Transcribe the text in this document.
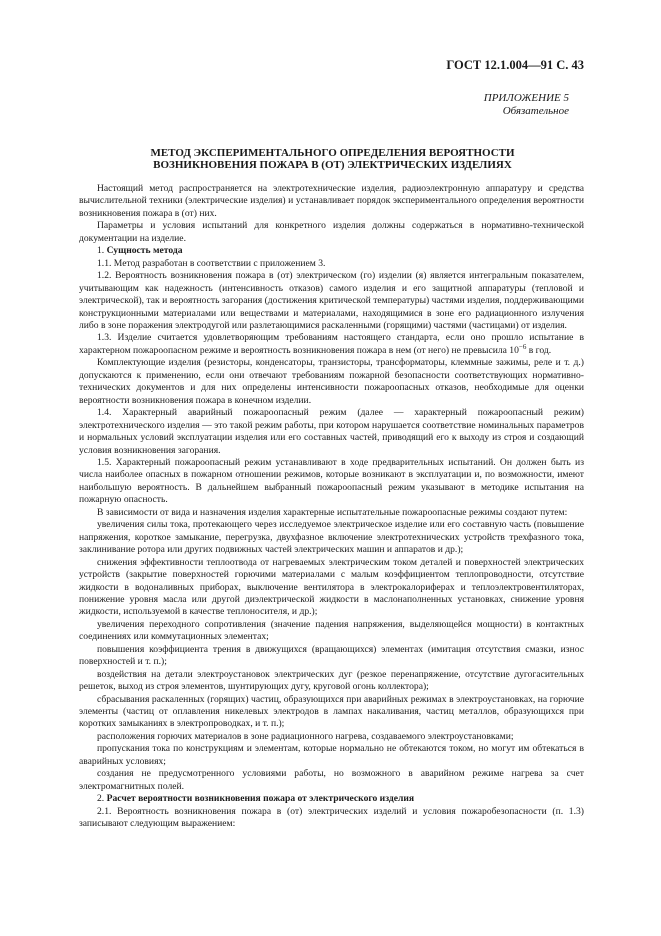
ГОСТ 12.1.004—91 С. 43
ПРИЛОЖЕНИЕ 5
Обязательное
МЕТОД ЭКСПЕРИМЕНТАЛЬНОГО ОПРЕДЕЛЕНИЯ ВЕРОЯТНОСТИ
ВОЗНИКНОВЕНИЯ ПОЖАРА В (ОТ) ЭЛЕКТРИЧЕСКИХ ИЗДЕЛИЯХ

Настоящий метод распространяется на электротехнические изделия, радиоэлектронную аппаратуру и средства вычислительной техники (электрические изделия) и устанавливает порядок экспериментального определения вероятности возникновения пожара в (от) них.

Параметры и условия испытаний для конкретного изделия должны содержаться в нормативно-технической документации на изделие.

1. Сущность метода

1.1. Метод разработан в соответствии с приложением 3.

1.2. Вероятность возникновения пожара в (от) электрическом (го) изделии (я) является интегральным показателем, учитывающим как надежность (интенсивность отказов) самого изделия и его защитной аппаратуры (тепловой и электрической), так и вероятность загорания (достижения критической температуры) частями изделия, поддерживающими конструкционными материалами или веществами и материалами, находящимися в зоне его радиационного излучения либо в зоне поражения электродугой или разлетающимися раскаленными (горящими) частями (частицами) от изделия.

1.3. Изделие считается удовлетворяющим требованиям настоящего стандарта, если оно прошло испытание в характерном пожароопасном режиме и вероятность возникновения пожара в нем (от него) не превысила $10^{-6}$ в год.

Комплектующие изделия (резисторы, конденсаторы, транзисторы, трансформаторы, клеммные зажимы, реле и т. д.) допускаются к применению, если они отвечают требованиям пожарной безопасности соответствующих нормативно-технических документов и для них определены интенсивности пожароопасных отказов, необходимые для оценки вероятности возникновения пожара в конечном изделии.

1.4. Характерный аварийный пожароопасный режим (далее — характерный пожароопасный режим) электротехнического изделия — это такой режим работы, при котором нарушается соответствие номинальных параметров и нормальных условий эксплуатации изделия или его составных частей, приводящий его к выходу из строя и создающий условия возникновения загорания.

1.5. Характерный пожароопасный режим устанавливают в ходе предварительных испытаний. Он должен быть из числа наиболее опасных в пожарном отношении режимов, которые возникают в эксплуатации и, по возможности, имеют наибольшую вероятность. В дальнейшем выбранный пожароопасный режим указывают в методике испытания на пожарную опасность.

В зависимости от вида и назначения изделия характерные испытательные пожароопасные режимы создают путем:

увеличения силы тока, протекающего через исследуемое электрическое изделие или его составную часть (повышение напряжения, короткое замыкание, перегрузка, двухфазное включение электротехнических устройств трехфазного тока, заклинивание ротора или других подвижных частей электрических машин и аппаратов и др.);

снижения эффективности теплоотвода от нагреваемых электрическим током деталей и поверхностей электрических устройств (закрытие поверхностей горючими материалами с малым коэффициентом теплопроводности, отсутствие жидкости в водоналивных приборах, выключение вентилятора в электрокалориферах и теплоэлектровентиляторах, понижение уровня масла или другой диэлектрической жидкости в маслонаполненных установках, снижение уровня жидкости, используемой в качестве теплоносителя, и др.);

увеличения переходного сопротивления (значение падения напряжения, выделяющейся мощности) в контактных соединениях или коммутационных элементах;

повышения коэффициента трения в движущихся (вращающихся) элементах (имитация отсутствия смазки, износ поверхностей и т. п.);

воздействия на детали электроустановок электрических дуг (резкое перенапряжение, отсутствие дугогасительных решеток, выход из строя элементов, шунтирующих дугу, круговой огонь коллектора);

сбрасывания раскаленных (горящих) частиц, образующихся при аварийных режимах в электроустановках, на горючие элементы (частиц от оплавления никелевых электродов в лампах накаливания, частиц металлов, образующихся при коротких замыканиях в электропроводках, и т. п.);

расположения горючих материалов в зоне радиационного нагрева, создаваемого электроустановками;

пропускания тока по конструкциям и элементам, которые нормально не обтекаются током, но могут им обтекаться в аварийных условиях;

создания не предусмотренного условиями работы, но возможного в аварийном режиме нагрева за счет электромагнитных полей.

2. Расчет вероятности возникновения пожара от электрического изделия

2.1. Вероятность возникновения пожара в (от) электрических изделий и условия пожаробезопасности (п. 1.3) записывают следующим выражением:
